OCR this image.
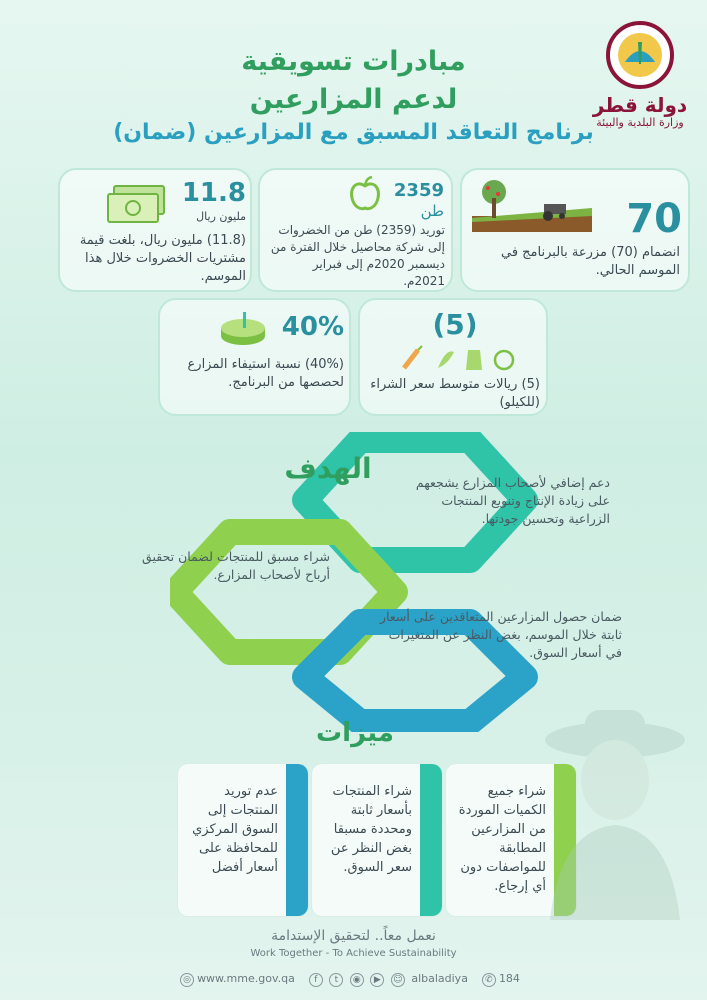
دولة قطر
وزارة البلدية والبيئة
مبادرات تسويقية
لدعم المزارعين
برنامج التعاقد المسبق مع المزارعين (ضمان)
70
انضمام (70) مزرعة بالبرنامج في الموسم الحالي.
2359
طن
توريد (2359) طن من الخضروات إلى شركة محاصيل خلال الفترة من ديسمبر 2020م إلى فبراير 2021م.
11.8
مليون ريال
(11.8) مليون ريال، بلغت قيمة مشتريات الخضروات خلال هذا الموسم.
(5)
(5) ريالات متوسط سعر الشراء (للكيلو)
40%
(40%) نسبة استيفاء المزارع لحصصها من البرنامج.
الهدف	دعم إضافي لأصحاب المزارع يشجعهم على زيادة الإنتاج وتنويع المنتجات الزراعية وتحسين جودتها.
شراء مسبق للمنتجات لضمان تحقيق أرباح لأصحاب المزارع.
ضمان حصول المزارعين المتعاقدين على أسعار ثابتة خلال الموسم، بغض النظر عن المتغيرات في أسعار السوق.
ميزات
شراء جميع الكميات الموردة من المزارعين المطابقة للمواصفات دون أي إرجاع.
شراء المنتجات بأسعار ثابتة ومحددة مسبقا بغض النظر عن سعر السوق.
عدم توريد المنتجات إلى السوق المركزي للمحافظة على أسعار أفضل
نعمل معاً.. لتحقيق الإستدامة
Work Together - To Achieve Sustainability
◎ www.mme.gov.qa	f t ◉ ▶ ☺ albaladiya	✆ 184
